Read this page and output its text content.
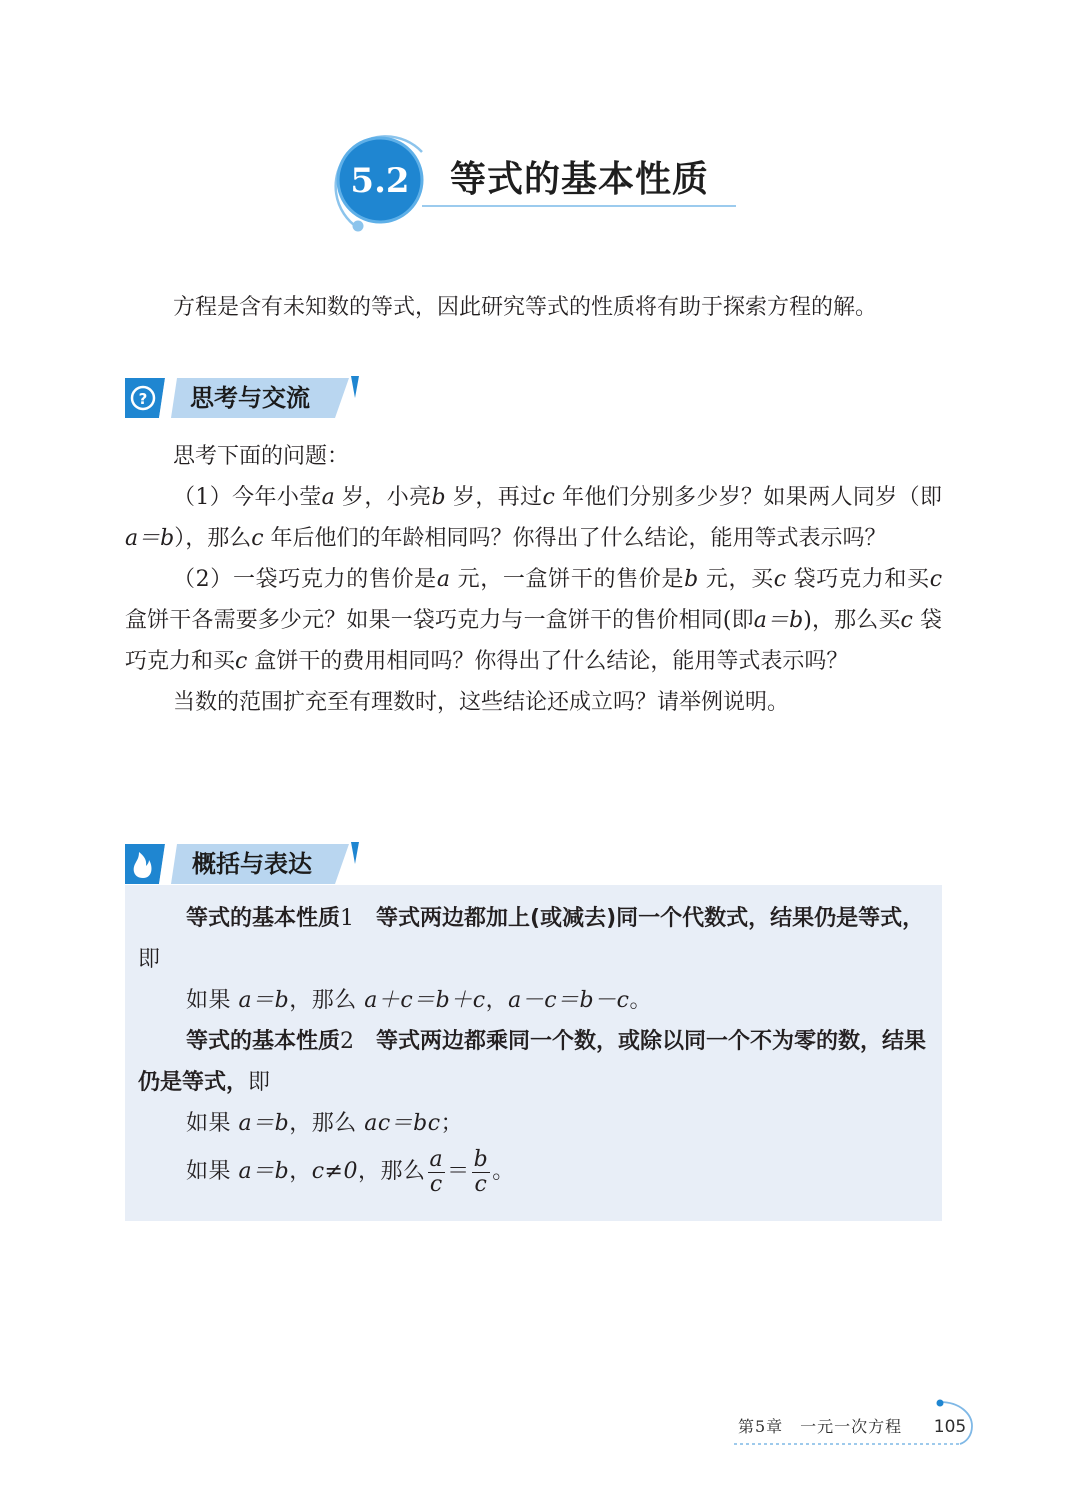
5.2 等式的基本性质
方程是含有未知数的等式，因此研究等式的性质将有助于探索方程的解。
? 思考与交流

思考下面的问题：

（1）今年小莹a 岁，小亮b 岁，再过c 年他们分别多少岁？如果两人同岁（即a＝b），那么c 年后他们的年龄相同吗？你得出了什么结论，能用等式表示吗？

（2）一袋巧克力的售价是a 元，一盒饼干的售价是b 元，买c 袋巧克力和买c 盒饼干各需要多少元？如果一袋巧克力与一盒饼干的售价相同(即a＝b)，那么买c 袋巧克力和买c 盒饼干的费用相同吗？你得出了什么结论，能用等式表示吗？

当数的范围扩充至有理数时，这些结论还成立吗？请举例说明。

概括与表达

等式的基本性质1　 等式两边都加上(或减去)同一个代数式，结果仍是等式，即

如果 a＝b，那么 a＋c＝b＋c，a－c＝b－c。

等式的基本性质2　 等式两边都乘同一个数，或除以同一个不为零的数，结果仍是等式，即

如果 a＝b，那么 ac＝bc；

如果 a＝b，c≠0，那么 $\frac{a}{c} = \frac{b}{c}$ 。

第5章　一元一次方程 105
